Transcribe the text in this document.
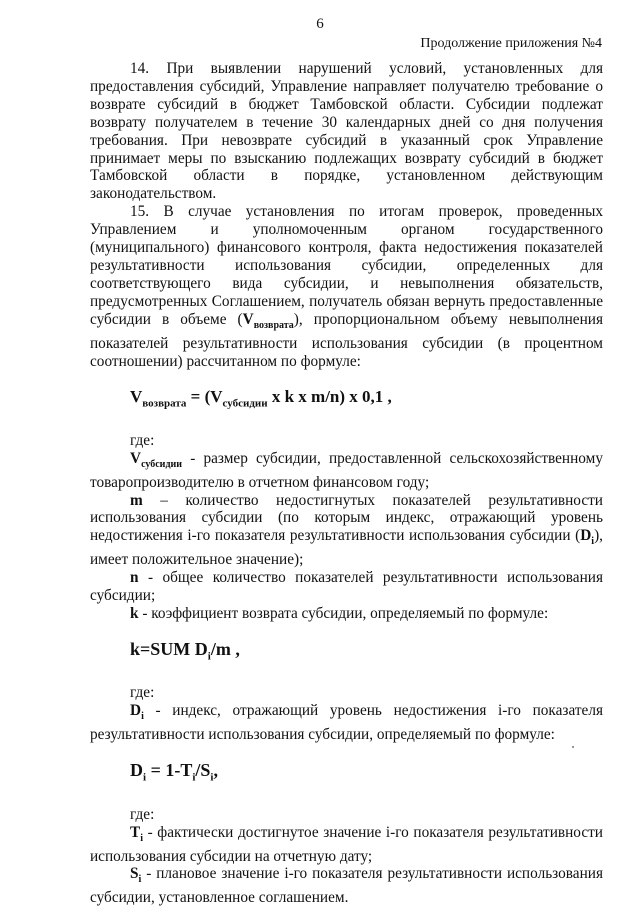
6
Продолжение приложения №4

14. При выявлении нарушений условий, установленных для предоставления субсидий, Управление направляет получателю требование о возврате субсидий в бюджет Тамбовской области. Субсидии подлежат возврату получателем в течение 30 календарных дней со дня получения требования. При невозврате субсидий в указанный срок Управление принимает меры по взысканию подлежащих возврату субсидий в бюджет Тамбовской области в порядке, установленном действующим законодательством.

15. В случае установления по итогам проверок, проведенных Управлением и уполномоченным органом государственного (муниципального) финансового контроля, факта недостижения показателей результативности использования субсидии, определенных для соответствующего вида субсидии, и невыполнения обязательств, предусмотренных Соглашением, получатель обязан вернуть предоставленные субсидии в объеме $(V_{возврата})$, пропорциональном объему невыполнения показателей результативности использования субсидии (в процентном соотношении) рассчитанном по формуле:

$V_{возврата} = (V_{субсидии}$ x k x m/n) x 0,1 ,

где:

$V_{субсидии}$ - размер субсидии, предоставленной сельскохозяйственному товаропроизводителю в отчетном финансовом году;

m – количество недостигнутых показателей результативности использования субсидии (по которым индекс, отражающий уровень недостижения i-го показателя результативности использования субсидии $(D_i)$, имеет положительное значение);

n - общее количество показателей результативности использования субсидии;

k - коэффициент возврата субсидии, определяемый по формуле:

k=SUM $D_i/m$ ,

где:

$D_i$ - индекс, отражающий уровень недостижения i-го показателя результативности использования субсидии, определяемый по формуле:

$D_i = 1-T_i/S_i$,

где:

$T_i$ - фактически достигнутое значение i-го показателя результативности использования субсидии на отчетную дату;

$S_i$ - плановое значение i-го показателя результативности использования субсидии, установленное соглашением.
